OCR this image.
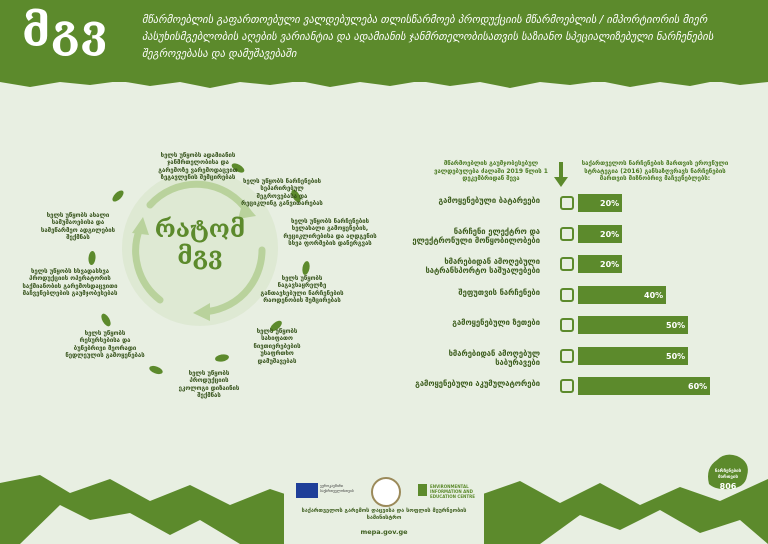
მგვ	მწარმოებლის გაფართოებული ვალდებულება თლისწარმოებ პროდუქციის მწარმოებლის / იმპორტიორის მიერ პასუხისმგებლობის აღების ვარიანტია და ადამიანის ჯანმრთელობისათვის საზიანო სპეციალიზებული ნარჩენების შეგროვებასა და დამუშავებაში
რატომ
მგვ
ხელს უწყობს ადამიანის ჯანმრთელობისა და გარემოზე ვარემოდაცვით ზეგავლენის შემცირებას
ხელს უწყობს ნარჩენების სეპარირებულ შეგროვებასა და რეციკლინგ განვითარებას
ხელს უწყობს ნარჩენების ხელახალი გამოყენების, რეციკლირებისა და აღდგენის სხვა ფორმების დანერგვას
ხელს უწყობს ნაგავსაყრელზე განთავსებული ნარჩენების რაოდენობის შემცირებას
ხელს უწყობს სახიფათო ნივთიერებების უსაფრთხო დამუშავებას
ხელს უწყობს პროდუქციის ეკოლოგი დიზაინის შექმნას
ხელს უწყობს რესურსებისა და ბუნებრივი მეორადი ნედლეულის გამოყენებას
ხელს უწყობს სხვადასხვა პროდუქციის ოპერატორის საქმიანობის გარემოსდაცვითი მაჩვენებლების გაუმჯობესებას
ხელს უწყობს ახალი სამუშაოებისა და სამეწარმეო ადგილების შექმნას
მწარმოებლის გაუმჯობესებულ ვალდებულება ძალაში 2019 წლის 1 დეკემბრიდან შევა
საქართველოს ნარჩენების მართვის ეროვნული სტრატეგია (2016) განსაზღვრავს ნარჩენების მართვის მიზნობრივ მაჩვენებლებს:
გამოყენებული ბატარეები	20%
ნარჩენი ელექტრო და ელექტრონული მოწყობილობები
20%
ხმარებიდან ამოღებული სატრანსპორტო საშუალებები
20%
შეფუთვის ნარჩენები	40%
გამოყენებული ზეთები	50%
ხმარებიდან ამოღებულ საბურავები
50%
გამოყენებული აკუმულატორები	60%
ევროკავშირი საქართველოსთვის
ENVIRONMENTAL INFORMATION AND EDUCATION CENTRE
საქართველოს გარემოს დაცვისა და სოფლის მეურნეობის სამინისტრო
mepa.gov.ge
ნარჩენების მართვის
806
